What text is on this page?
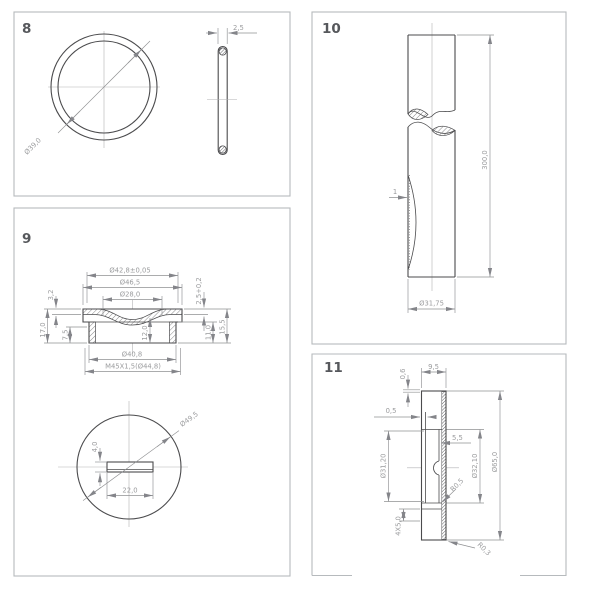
8
Ø39,0
2,5	10
1
300,0
Ø31,75
9
Ø42,8±0,05
Ø46,5
Ø28,0
3,2
17,0 7,5	12,0
2,5+0,2
11,0 15,5
Ø40,8
M45X1,5(Ø44,8)
Ø49,5
4,0
22,0
11	9,5
0,6
0,5
5,5
Ø31,20	Ø32,10 Ø65,0
R0,5
4X5,0
R0,3
